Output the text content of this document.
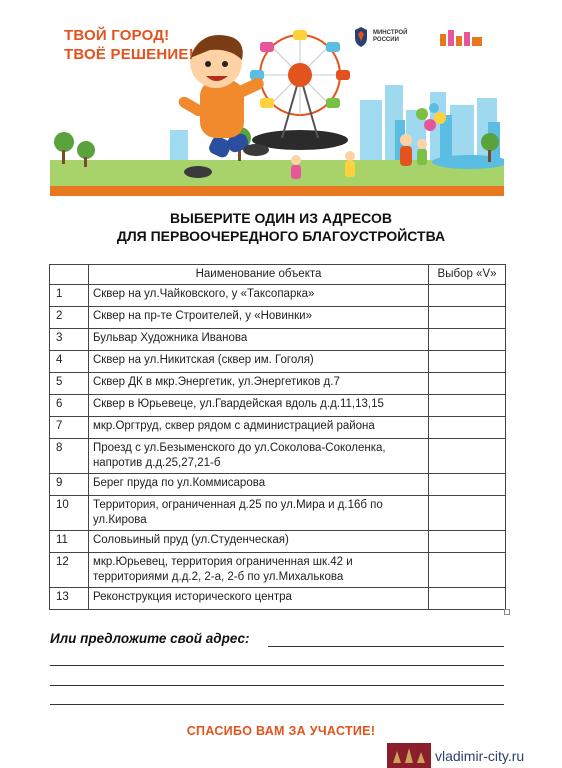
ТВОЙ ГОРОД!
ТВОЁ РЕШЕНИЕ!
МИНСТРОЙ
РОССИИ
ВЫБЕРИТЕ ОДИН ИЗ АДРЕСОВ
ДЛЯ ПЕРВООЧЕРЕДНОГО БЛАГОУСТРОЙСТВА
	Наименование объекта	Выбор «V»
1	Сквер на ул.Чайковского, у «Таксопарка»	
2	Сквер на пр-те Строителей, у «Новинки»	
3	Бульвар Художника Иванова	
4	Сквер на ул.Никитская (сквер им. Гоголя)	
5	Сквер ДК в мкр.Энергетик, ул.Энергетиков д.7	
6	Сквер в Юрьевеце, ул.Гвардейская вдоль д.д.11,13,15	
7	мкр.Оргтруд, сквер рядом с администрацией района	
8	Проезд с ул.Безыменского до ул.Соколова-Соколенка, напротив д.д.25,27,21-б	
9	Берег пруда по ул.Коммисарова	
10	Территория, ограниченная д.25 по ул.Мира и д.16б по ул.Кирова	
11	Соловьиный пруд (ул.Студенческая)	
12	мкр.Юрьевец, территория ограниченная шк.42 и территориями д.д.2, 2-а, 2-б по ул.Михалькова	
13	Реконструкция исторического центра	
Или предложите свой адрес:
СПАСИБО ВАМ ЗА УЧАСТИЕ!
vladimir-city.ru
